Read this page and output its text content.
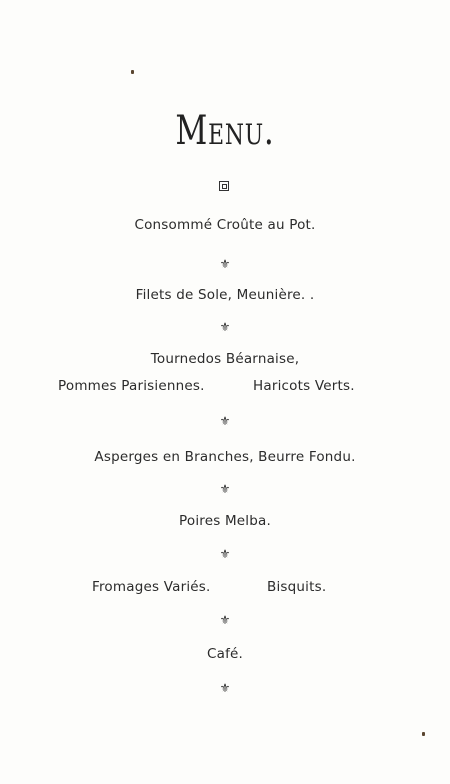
Menu.
Consommé Croûte au Pot.
⚜
Filets de Sole, Meunière. .
⚜
Tournedos Béarnaise,
Pommes Parisiennes.	Haricots Verts.
⚜
Asperges en Branches, Beurre Fondu.
⚜
Poires Melba.
⚜
Fromages Variés.	Bisquits.
⚜
Café.
⚜
